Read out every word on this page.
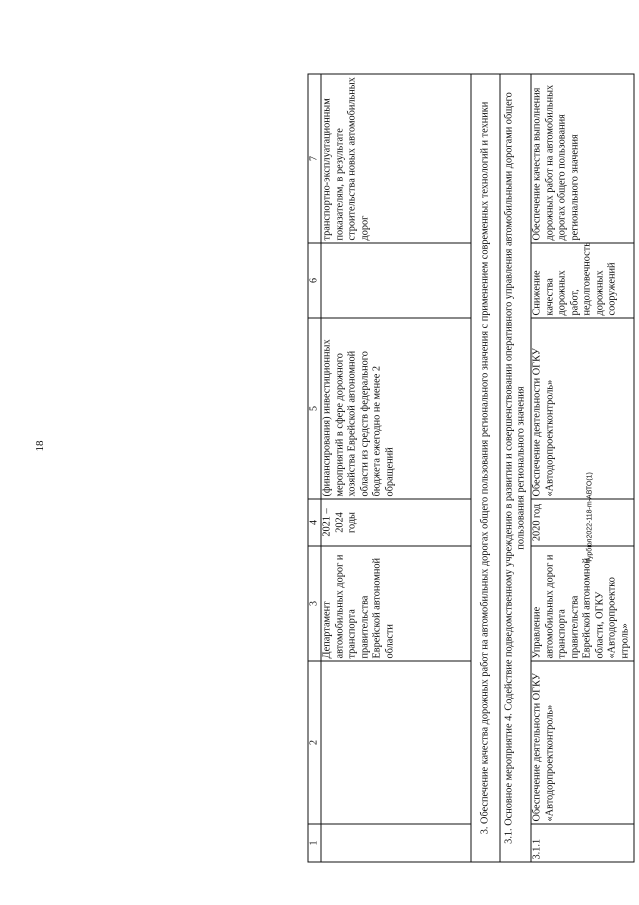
18
Турбюл2022-118-m-АВТО(1)
1	2	3	4	5	6	7
		Департамент автомобильных дорог и транспорта правительства Еврейской автономной области	2021 – 2024 годы	(финансирования) инвестиционных мероприятий в сфере дорожного хозяйства Еврейской автономной области из средств федерального бюджета ежегодно не менее 2 обращений		транспортно-эксплуатационным показателям, в результате строительства новых автомобильных дорог
3. Обеспечение качества дорожных работ на автомобильных дорогах общего пользования регионального значения с применением современных технологий и техники						
3.1. Основное мероприятие 4. Содействие подведомственному учреждению в развитии и совершенствовании оперативного управления автомобильными дорогами общего пользования регионального значения						
3.1.1	Обеспечение деятельности ОГКУ «Автодорпроектконтроль»	Управление автомобильных дорог и транспорта правительства Еврейской автономной области, ОГКУ «Автодорпроектко нтроль»	2020 год	Обеспечение деятельности ОГКУ «Автодорпроектконтроль»	Снижение качества дорожных работ, недолговечность дорожных сооружений	Обеспечение качества выполнения дорожных работ на автомобильных дорогах общего пользования регионального значения
